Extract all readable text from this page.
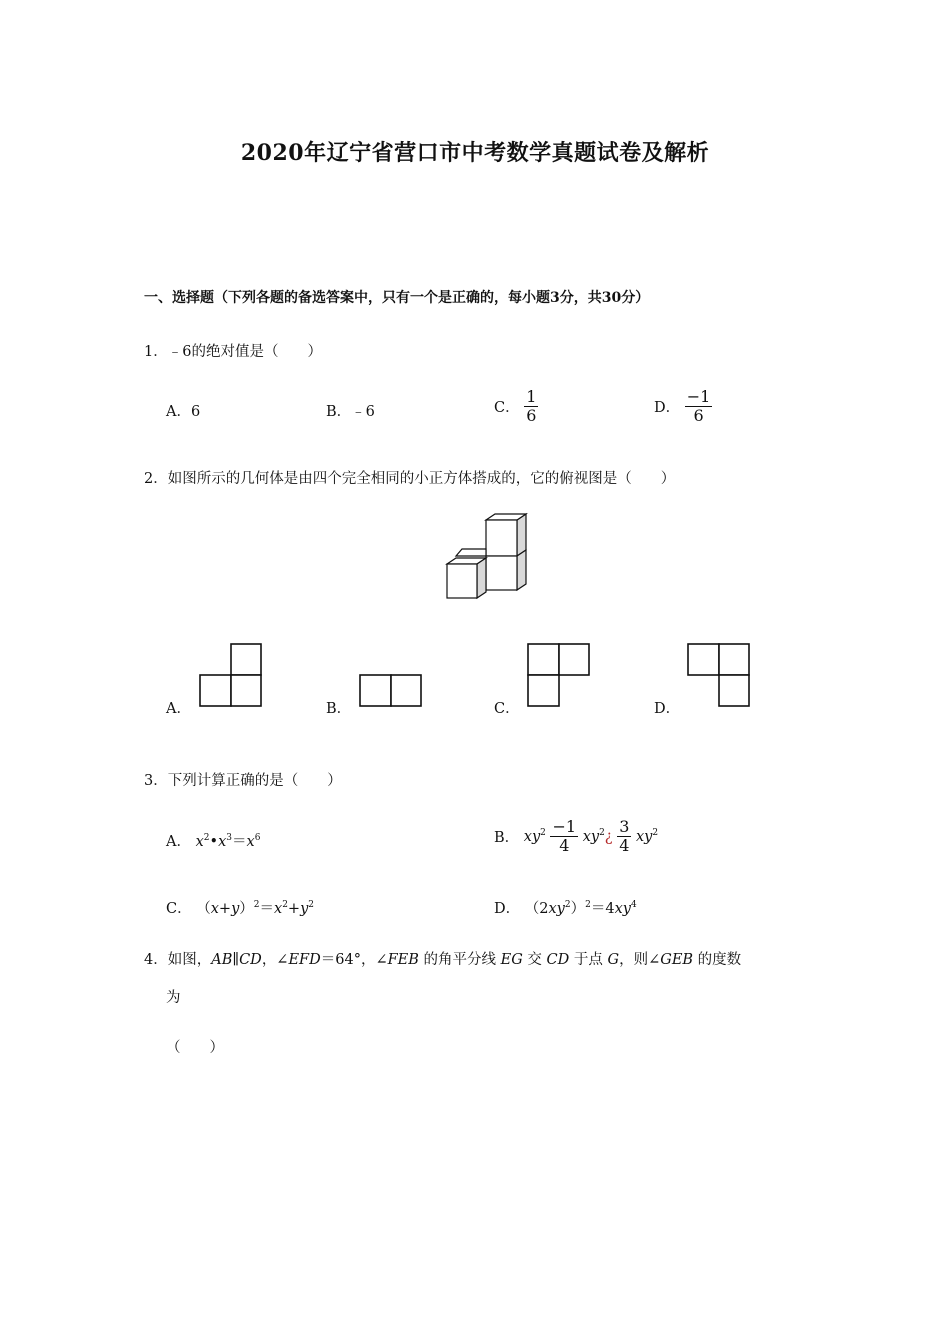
2020年辽宁省营口市中考数学真题试卷及解析
一、选择题（下列各题的备选答案中，只有一个是正确的，每小题3分，共30分）
1．﹣6的绝对值是（　　）
A．6	B．﹣6	C． $\frac{1}{6}$	D． $\frac{-1}{6}$
2．如图所示的几何体是由四个完全相同的小正方体搭成的，它的俯视图是（　　）
A．	B．	C．	D．
3．下列计算正确的是（　　）
A． $x^2•x^3=x^6$	B． $xy^2 \frac{-1}{4}$ $xy^2¿ \frac{3}{4} xy^2$
C． $(x+y)^2=x^2+y^2$	D． $(2xy^2)^2=4xy^4$
4．如图，AB∥CD，∠EFD＝64°，∠FEB 的角平分线 EG 交 CD 于点 G，则∠GEB 的度数
为
（　　）
